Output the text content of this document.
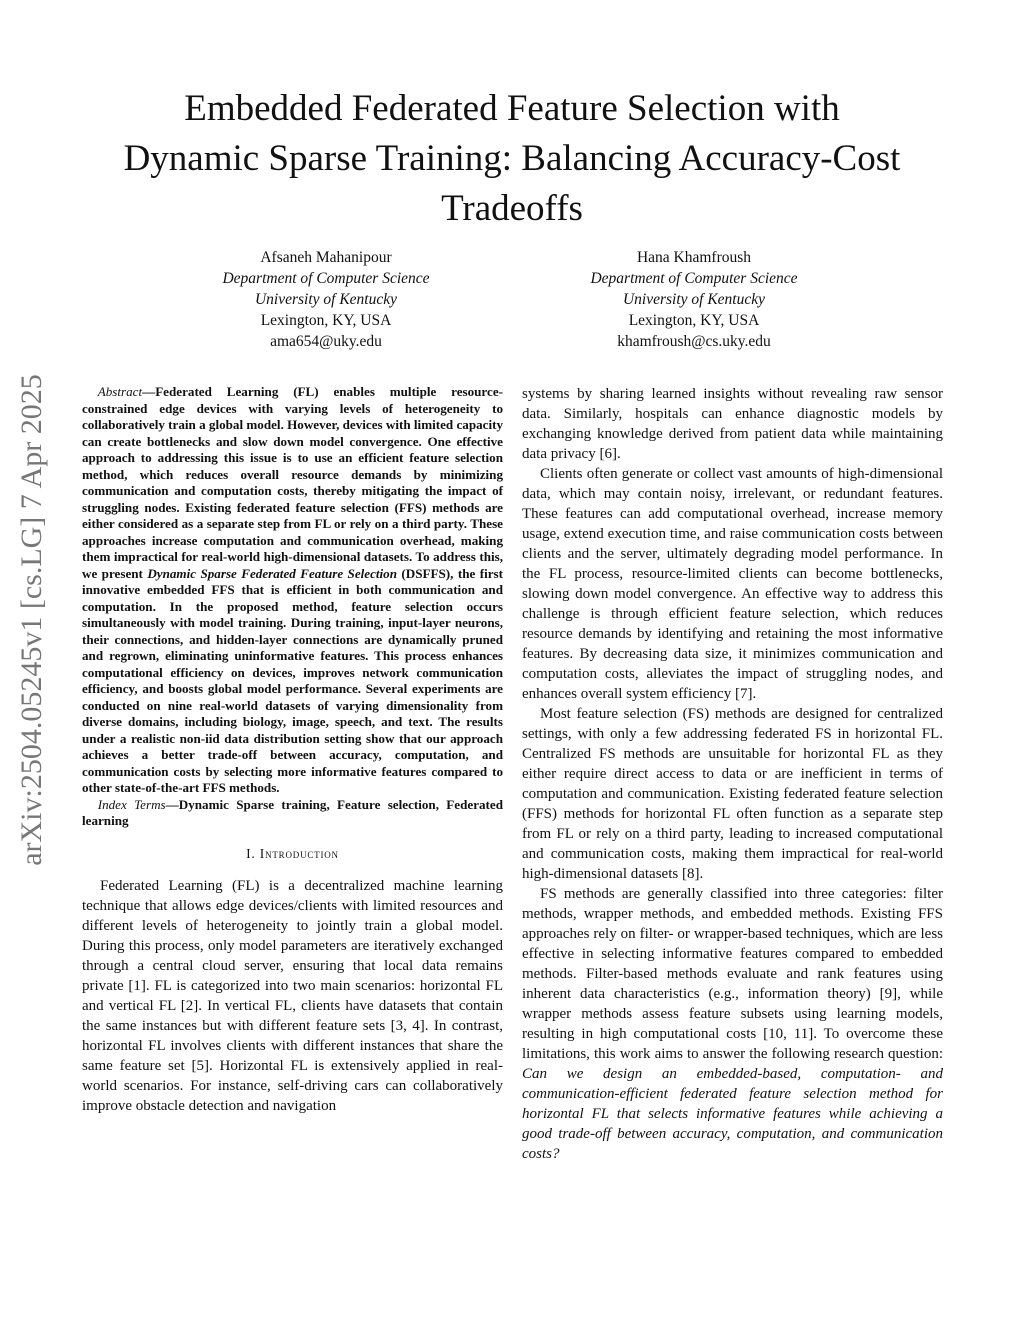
arXiv:2504.05245v1 [cs.LG] 7 Apr 2025
Embedded Federated Feature Selection with
Dynamic Sparse Training: Balancing Accuracy-Cost
Tradeoffs
Afsaneh Mahanipour
Department of Computer Science
University of Kentucky
Lexington, KY, USA
ama654@uky.edu
Hana Khamfroush
Department of Computer Science
University of Kentucky
Lexington, KY, USA
khamfroush@cs.uky.edu

Abstract—Federated Learning (FL) enables multiple resource-constrained edge devices with varying levels of heterogeneity to collaboratively train a global model. However, devices with limited capacity can create bottlenecks and slow down model convergence. One effective approach to addressing this issue is to use an efficient feature selection method, which reduces overall resource demands by minimizing communication and computation costs, thereby mitigating the impact of struggling nodes. Existing federated feature selection (FFS) methods are either considered as a separate step from FL or rely on a third party. These approaches increase computation and communication overhead, making them impractical for real-world high-dimensional datasets. To address this, we present Dynamic Sparse Federated Feature Selection (DSFFS), the first innovative embedded FFS that is efficient in both communication and computation. In the proposed method, feature selection occurs simultaneously with model training. During training, input-layer neurons, their connections, and hidden-layer connections are dynamically pruned and regrown, eliminating uninformative features. This process enhances computational efficiency on devices, improves network communication efficiency, and boosts global model performance. Several experiments are conducted on nine real-world datasets of varying dimensionality from diverse domains, including biology, image, speech, and text. The results under a realistic non-iid data distribution setting show that our approach achieves a better trade-off between accuracy, computation, and communication costs by selecting more informative features compared to other state-of-the-art FFS methods.

Index Terms—Dynamic Sparse training, Feature selection, Federated learning

I. Introduction

Federated Learning (FL) is a decentralized machine learning technique that allows edge devices/clients with limited resources and different levels of heterogeneity to jointly train a global model. During this process, only model parameters are iteratively exchanged through a central cloud server, ensuring that local data remains private [1]. FL is categorized into two main scenarios: horizontal FL and vertical FL [2]. In vertical FL, clients have datasets that contain the same instances but with different feature sets [3, 4]. In contrast, horizontal FL involves clients with different instances that share the same feature set [5]. Horizontal FL is extensively applied in real-world scenarios. For instance, self-driving cars can collaboratively improve obstacle detection and navigation

systems by sharing learned insights without revealing raw sensor data. Similarly, hospitals can enhance diagnostic models by exchanging knowledge derived from patient data while maintaining data privacy [6].

Clients often generate or collect vast amounts of high-dimensional data, which may contain noisy, irrelevant, or redundant features. These features can add computational overhead, increase memory usage, extend execution time, and raise communication costs between clients and the server, ultimately degrading model performance. In the FL process, resource-limited clients can become bottlenecks, slowing down model convergence. An effective way to address this challenge is through efficient feature selection, which reduces resource demands by identifying and retaining the most informative features. By decreasing data size, it minimizes communication and computation costs, alleviates the impact of struggling nodes, and enhances overall system efficiency [7].

Most feature selection (FS) methods are designed for centralized settings, with only a few addressing federated FS in horizontal FL. Centralized FS methods are unsuitable for horizontal FL as they either require direct access to data or are inefficient in terms of computation and communication. Existing federated feature selection (FFS) methods for horizontal FL often function as a separate step from FL or rely on a third party, leading to increased computational and communication costs, making them impractical for real-world high-dimensional datasets [8].

FS methods are generally classified into three categories: filter methods, wrapper methods, and embedded methods. Existing FFS approaches rely on filter- or wrapper-based techniques, which are less effective in selecting informative features compared to embedded methods. Filter-based methods evaluate and rank features using inherent data characteristics (e.g., information theory) [9], while wrapper methods assess feature subsets using learning models, resulting in high computational costs [10, 11]. To overcome these limitations, this work aims to answer the following research question: Can we design an embedded-based, computation- and communication-efficient federated feature selection method for horizontal FL that selects informative features while achieving a good trade-off between accuracy, computation, and communication costs?
